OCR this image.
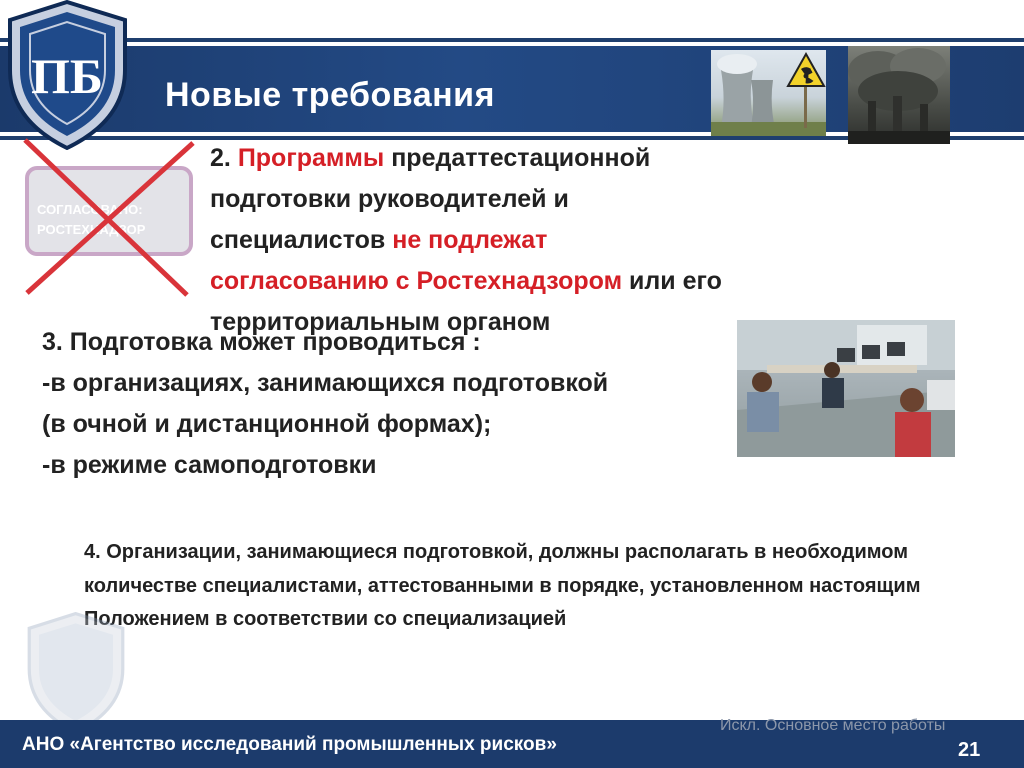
Новые требования
ПБ
СОГЛАСОВАНО:
РОСТЕХНАДЗОР
2. Программы предаттестационной подготовки руководителей и специалистов не подлежат согласованию с Ростехнадзором или его территориальным органом
3. Подготовка может проводиться :
-в организациях, занимающихся подготовкой
(в очной и дистанционной формах);
-в режиме самоподготовки
4. Организации, занимающиеся подготовкой, должны располагать в необходимом количестве специалистами, аттестованными в порядке, установленном настоящим Положением в соответствии со специализацией
Искл. Основное место работы
АНО «Агентство исследований промышленных рисков»	21
